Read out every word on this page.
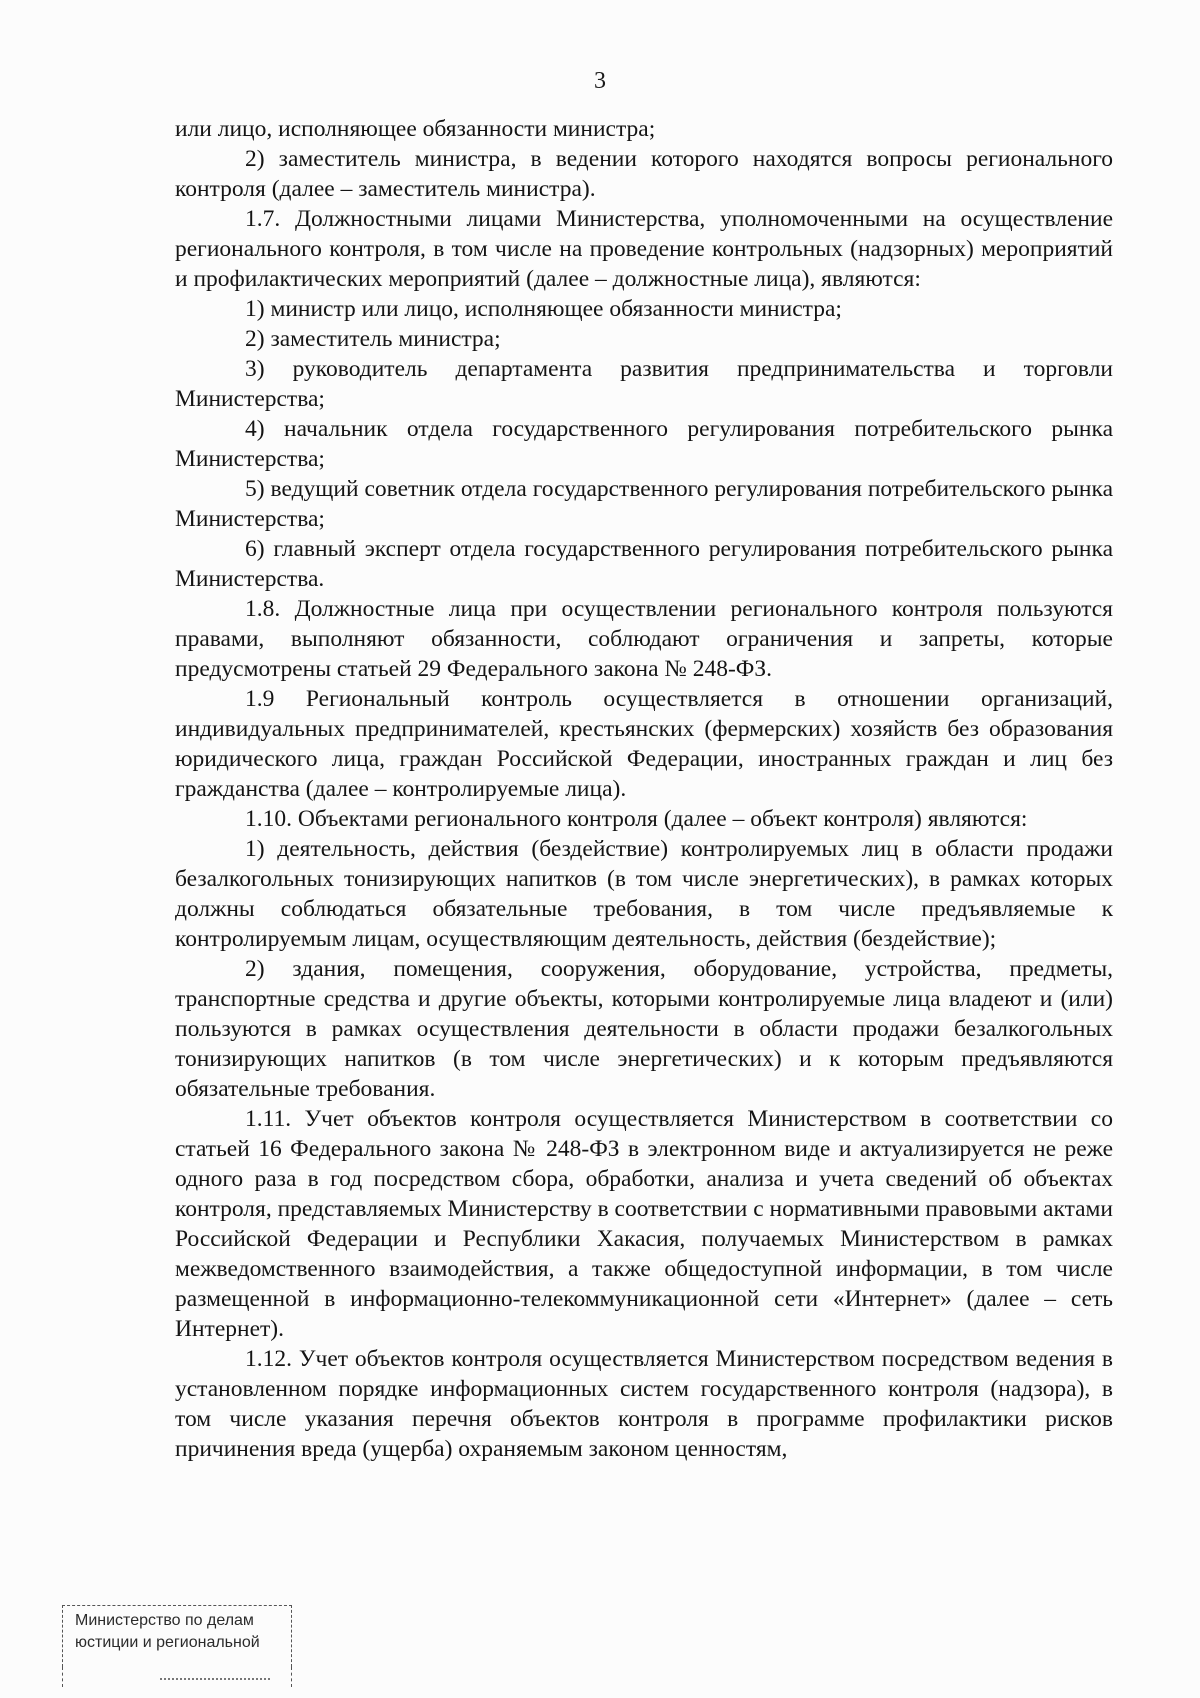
3

или лицо, исполняющее обязанности министра;

2) заместитель министра, в ведении которого находятся вопросы регионального контроля (далее – заместитель министра).

1.7. Должностными лицами Министерства, уполномоченными на осуществление регионального контроля, в том числе на проведение контрольных (надзорных) мероприятий и профилактических мероприятий (далее – должностные лица), являются:

1) министр или лицо, исполняющее обязанности министра;

2) заместитель министра;

3) руководитель департамента развития предпринимательства и торговли Министерства;

4) начальник отдела государственного регулирования потребительского рынка Министерства;

5) ведущий советник отдела государственного регулирования потребительского рынка Министерства;

6) главный эксперт отдела государственного регулирования потребительского рынка Министерства.

1.8. Должностные лица при осуществлении регионального контроля пользуются правами, выполняют обязанности, соблюдают ограничения и запреты, которые предусмотрены статьей 29 Федерального закона № 248-ФЗ.

1.9 Региональный контроль осуществляется в отношении организаций, индивидуальных предпринимателей, крестьянских (фермерских) хозяйств без образования юридического лица, граждан Российской Федерации, иностранных граждан и лиц без гражданства (далее – контролируемые лица).

1.10. Объектами регионального контроля (далее – объект контроля) являются:

1) деятельность, действия (бездействие) контролируемых лиц в области продажи безалкогольных тонизирующих напитков (в том числе энергетических), в рамках которых должны соблюдаться обязательные требования, в том числе предъявляемые к контролируемым лицам, осуществляющим деятельность, действия (бездействие);

2) здания, помещения, сооружения, оборудование, устройства, предметы, транспортные средства и другие объекты, которыми контролируемые лица владеют и (или) пользуются в рамках осуществления деятельности в области продажи безалкогольных тонизирующих напитков (в том числе энергетических) и к которым предъявляются обязательные требования.

1.11. Учет объектов контроля осуществляется Министерством в соответствии со статьей 16 Федерального закона № 248-ФЗ в электронном виде и актуализируется не реже одного раза в год посредством сбора, обработки, анализа и учета сведений об объектах контроля, представляемых Министерству в соответствии с нормативными правовыми актами Российской Федерации и Республики Хакасия, получаемых Министерством в рамках межведомственного взаимодействия, а также общедоступной информации, в том числе размещенной в информационно-телекоммуникационной сети «Интернет» (далее – сеть Интернет).

1.12. Учет объектов контроля осуществляется Министерством посредством ведения в установленном порядке информационных систем государственного контроля (надзора), в том числе указания перечня объектов контроля в программе профилактики рисков причинения вреда (ущерба) охраняемым законом ценностям,

Министерство по делам
юстиции и региональной
